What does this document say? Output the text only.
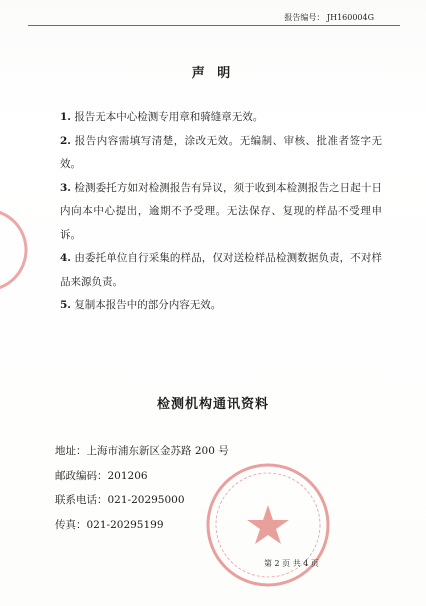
报告编号： JH160004G
声 明

1. 报告无本中心检测专用章和骑缝章无效。

2. 报告内容需填写清楚，涂改无效。无编制、审核、批准者签字无效。

3. 检测委托方如对检测报告有异议，须于收到本检测报告之日起十日内向本中心提出，逾期不予受理。无法保存、复现的样品不受理申诉。

4. 由委托单位自行采集的样品，仅对送检样品检测数据负责，不对样品来源负责。

5. 复制本报告中的部分内容无效。

检测机构通讯资料
地址：上海市浦东新区金苏路 200 号
邮政编码：201206
联系电话：021-20295000
传真：021-20295199
第 2 页 共 4 页
